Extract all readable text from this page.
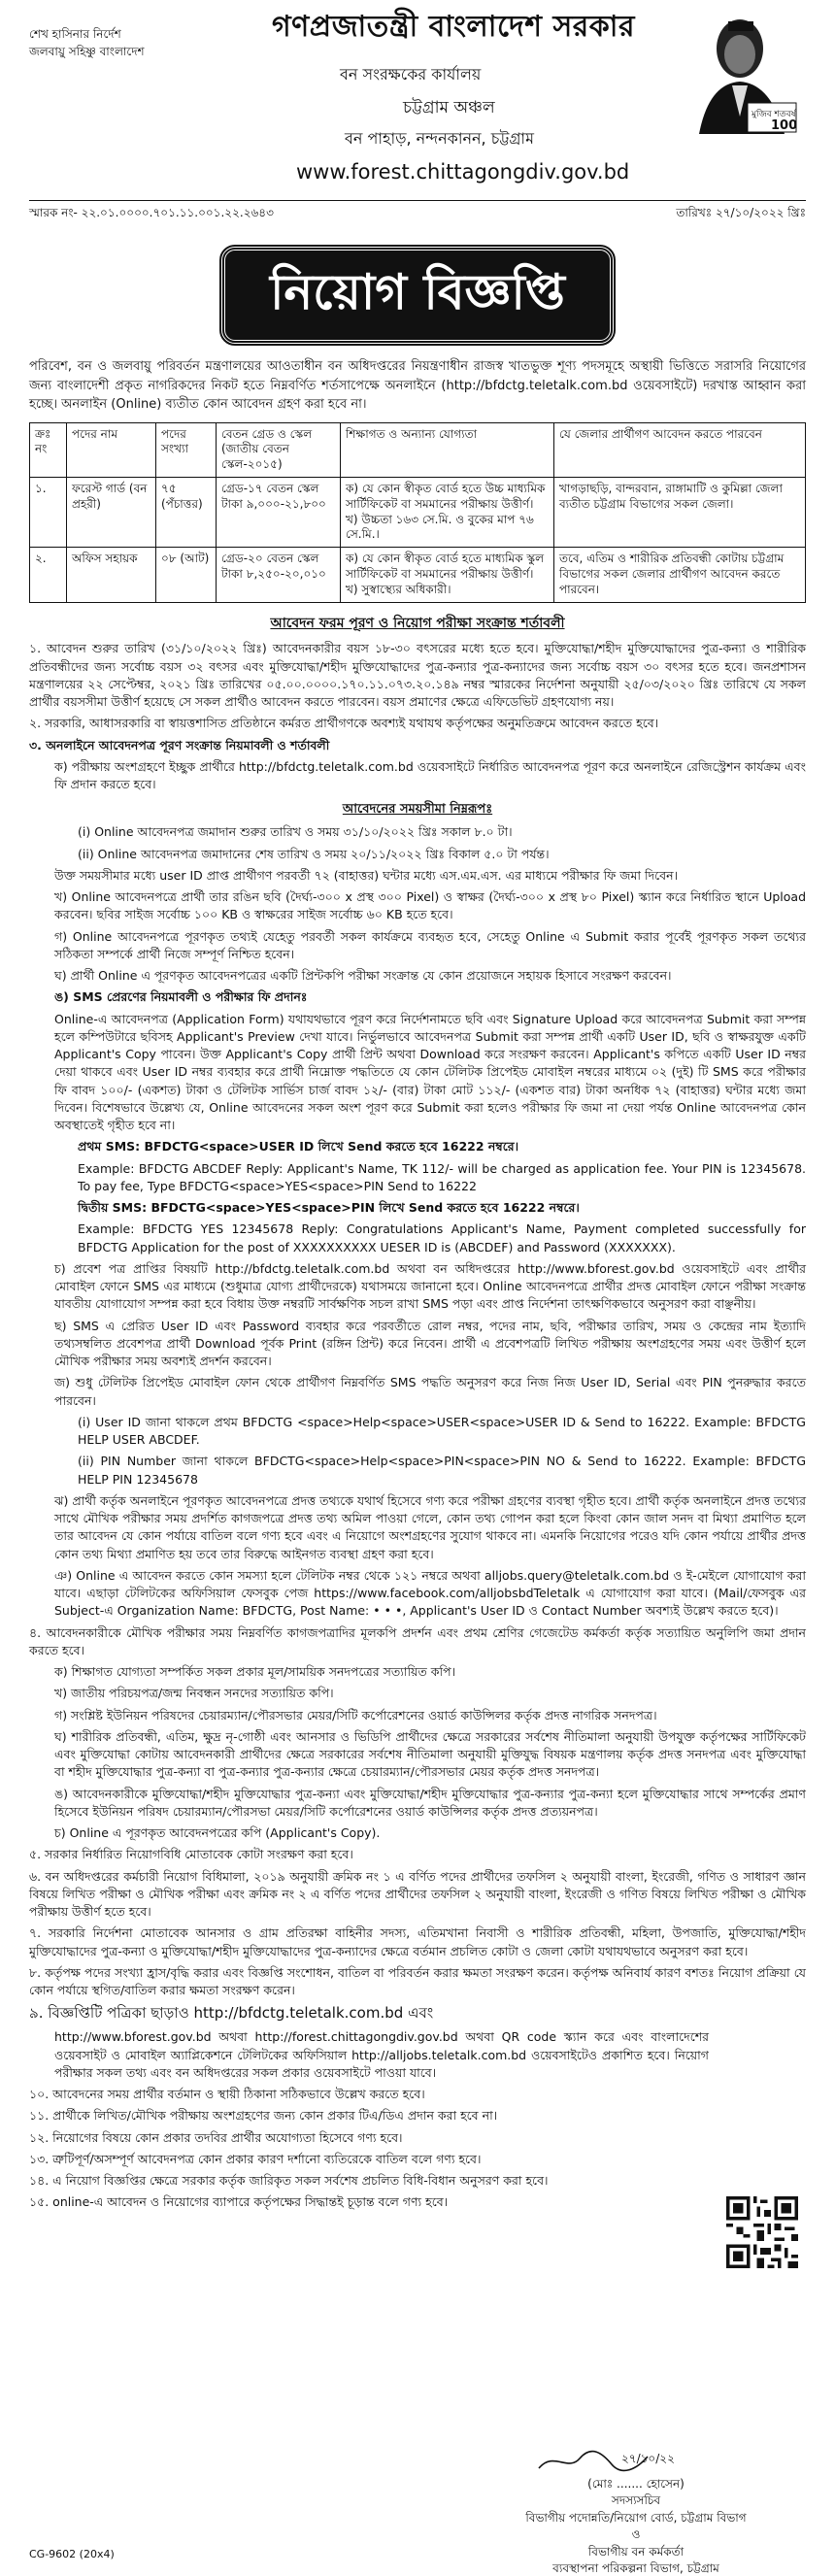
শেখ হাসিনার নির্দেশ
জলবায়ু সহিষ্ণু বাংলাদেশ
গণপ্রজাতন্ত্রী বাংলাদেশ সরকার
বন সংরক্ষকের কার্যালয়
চট্টগ্রাম অঞ্চল
বন পাহাড়, নন্দনকানন, চট্টগ্রাম
www.forest.chittagongdiv.gov.bd
মুজিব শতবর্ষ
100
স্মারক নং- ২২.০১.০০০০.৭০১.১১.০০১.২২.২৬৪৩	তারিখঃ ২৭/১০/২০২২ খ্রিঃ
নিয়োগ বিজ্ঞপ্তি

পরিবেশ, বন ও জলবায়ু পরিবর্তন মন্ত্রণালয়ের আওতাধীন বন অধিদপ্তরের নিয়ন্ত্রণাধীন রাজস্ব খাতভুক্ত শূণ্য পদসমূহে অস্থায়ী ভিত্তিতে সরাসরি নিয়োগের জন্য বাংলাদেশী প্রকৃত নাগরিকদের নিকট হতে নিম্নবর্ণিত শর্তসাপেক্ষে অনলাইনে (http://bfdctg.teletalk.com.bd ওয়েবসাইটে) দরখাস্ত আহ্বান করা হচ্ছে। অনলাইন (Online) ব্যতীত কোন আবেদন গ্রহণ করা হবে না।

ক্রঃ নং	পদের নাম	পদের সংখ্যা	বেতন গ্রেড ও স্কেল (জাতীয় বেতন স্কেল-২০১৫)	শিক্ষাগত ও অন্যান্য যোগ্যতা	যে জেলার প্রার্থীগণ আবেদন করতে পারবেন
১.	ফরেস্ট গার্ড (বন প্রহরী)	৭৫ (পঁচাত্তর)	গ্রেড-১৭ বেতন স্কেল টাকা ৯,০০০-২১,৮০০	ক) যে কোন স্বীকৃত বোর্ড হতে উচ্চ মাধ্যমিক সার্টিফিকেট বা সমমানের পরীক্ষায় উত্তীর্ণ। খ) উচ্চতা ১৬৩ সে.মি. ও বুকের মাপ ৭৬ সে.মি.।	খাগড়াছড়ি, বান্দরবান, রাঙ্গামাটি ও কুমিল্লা জেলা ব্যতীত চট্টগ্রাম বিভাগের সকল জেলা।
২.	অফিস সহায়ক	০৮ (আট)	গ্রেড-২০ বেতন স্কেল টাকা ৮,২৫০-২০,০১০	ক) যে কোন স্বীকৃত বোর্ড হতে মাধ্যমিক স্কুল সার্টিফিকেট বা সমমানের পরীক্ষায় উত্তীর্ণ। খ) সুস্বাস্থ্যের অধিকারী।	তবে, এতিম ও শারীরিক প্রতিবন্ধী কোটায় চট্টগ্রাম বিভাগের সকল জেলার প্রার্থীগণ আবেদন করতে পারবেন।
আবেদন ফরম পূরণ ও নিয়োগ পরীক্ষা সংক্রান্ত শর্তাবলী

১. আবেদন শুরুর তারিখ (৩১/১০/২০২২ খ্রিঃ) আবেদনকারীর বয়স ১৮-৩০ বৎসরের মধ্যে হতে হবে। মুক্তিযোদ্ধা/শহীদ মুক্তিযোদ্ধাদের পুত্র-কন্যা ও শারীরিক প্রতিবন্ধীদের জন্য সর্বোচ্চ বয়স ৩২ বৎসর এবং মুক্তিযোদ্ধা/শহীদ মুক্তিযোদ্ধাদের পুত্র-কন্যার পুত্র-কন্যাদের জন্য সর্বোচ্চ বয়স ৩০ বৎসর হতে হবে। জনপ্রশাসন মন্ত্রণালয়ের ২২ সেপ্টেম্বর, ২০২১ খ্রিঃ তারিখের ০৫.০০.০০০০.১৭০.১১.০৭৩.২০.১৪৯ নম্বর স্মারকের নির্দেশনা অনুযায়ী ২৫/০৩/২০২০ খ্রিঃ তারিখে যে সকল প্রার্থীর বয়সসীমা উত্তীর্ণ হয়েছে সে সকল প্রার্থীও আবেদন করতে পারবেন। বয়স প্রমাণের ক্ষেত্রে এফিডেভিট গ্রহণযোগ্য নয়।

২. সরকারি, আধাসরকারি বা স্বায়ত্তশাসিত প্রতিষ্ঠানে কর্মরত প্রার্থীগণকে অবশ্যই যথাযথ কর্তৃপক্ষের অনুমতিক্রমে আবেদন করতে হবে।

৩. অনলাইনে আবেদনপত্র পূরণ সংক্রান্ত নিয়মাবলী ও শর্তাবলী

ক) পরীক্ষায় অংশগ্রহণে ইচ্ছুক প্রার্থীরে http://bfdctg.teletalk.com.bd ওয়েবসাইটে নির্ধারিত আবেদনপত্র পূরণ করে অনলাইনে রেজিস্ট্রেশন কার্যক্রম এবং ফি প্রদান করতে হবে।

আবেদনের সময়সীমা নিম্নরূপঃ

(i) Online আবেদনপত্র জমাদান শুরুর তারিখ ও সময় ৩১/১০/২০২২ খ্রিঃ সকাল ৮.০ টা।

(ii) Online আবেদনপত্র জমাদানের শেষ তারিখ ও সময় ২০/১১/২০২২ খ্রিঃ বিকাল ৫.০ টা পর্যন্ত।

উক্ত সময়সীমার মধ্যে user ID প্রাপ্ত প্রার্থীগণ পরবর্তী ৭২ (বাহাত্তর) ঘন্টার মধ্যে এস.এম.এস. এর মাধ্যমে পরীক্ষার ফি জমা দিবেন।

খ) Online আবেদনপত্রে প্রার্থী তার রঙিন ছবি (দৈর্ঘ্য-৩০০ x প্রস্থ ৩০০ Pixel) ও স্বাক্ষর (দৈর্ঘ্য-৩০০ x প্রস্থ ৮০ Pixel) স্ক্যান করে নির্ধারিত স্থানে Upload করবেন। ছবির সাইজ সর্বোচ্চ ১০০ KB ও স্বাক্ষরের সাইজ সর্বোচ্চ ৬০ KB হতে হবে।

গ) Online আবেদনপত্রে পূরণকৃত তথ্যই যেহেতু পরবর্তী সকল কার্যক্রমে ব্যবহৃত হবে, সেহেতু Online এ Submit করার পূর্বেই পূরণকৃত সকল তথ্যের সঠিকতা সম্পর্কে প্রার্থী নিজে সম্পূর্ণ নিশ্চিত হবেন।

ঘ) প্রার্থী Online এ পূরণকৃত আবেদনপত্রের একটি প্রিন্টকপি পরীক্ষা সংক্রান্ত যে কোন প্রয়োজনে সহায়ক হিসাবে সংরক্ষণ করবেন।

ঙ) SMS প্রেরণের নিয়মাবলী ও পরীক্ষার ফি প্রদানঃ

Online-এ আবেদনপত্র (Application Form) যথাযথভাবে পূরণ করে নির্দেশনামতে ছবি এবং Signature Upload করে আবেদনপত্র Submit করা সম্পন্ন হলে কম্পিউটারে ছবিসহ Applicant's Preview দেখা যাবে। নির্ভুলভাবে আবেদনপত্র Submit করা সম্পন্ন প্রার্থী একটি User ID, ছবি ও স্বাক্ষরযুক্ত একটি Applicant's Copy পাবেন। উক্ত Applicant's Copy প্রার্থী প্রিন্ট অথবা Download করে সংরক্ষণ করবেন। Applicant's কপিতে একটি User ID নম্বর দেয়া থাকবে এবং User ID নম্বর ব্যবহার করে প্রার্থী নিম্নোক্ত পদ্ধতিতে যে কোন টেলিটক প্রিপেইড মোবাইল নম্বরের মাধ্যমে ০২ (দুই) টি SMS করে পরীক্ষার ফি বাবদ ১০০/- (একশত) টাকা ও টেলিটক সার্ভিস চার্জ বাবদ ১২/- (বার) টাকা মোট ১১২/- (একশত বার) টাকা অনধিক ৭২ (বাহাত্তর) ঘন্টার মধ্যে জমা দিবেন। বিশেষভাবে উল্লেখ্য যে, Online আবেদনের সকল অংশ পূরণ করে Submit করা হলেও পরীক্ষার ফি জমা না দেয়া পর্যন্ত Online আবেদনপত্র কোন অবস্থাতেই গৃহীত হবে না।

প্রথম SMS: BFDCTG<space>USER ID লিখে Send করতে হবে 16222 নম্বরে।

Example: BFDCTG ABCDEF Reply: Applicant's Name, TK 112/- will be charged as application fee. Your PIN is 12345678. To pay fee, Type BFDCTG<space>YES<space>PIN Send to 16222

দ্বিতীয় SMS: BFDCTG<space>YES<space>PIN লিখে Send করতে হবে 16222 নম্বরে।

Example: BFDCTG YES 12345678 Reply: Congratulations Applicant's Name, Payment completed successfully for BFDCTG Application for the post of XXXXXXXXXX UESER ID is (ABCDEF) and Password (XXXXXXX).

চ) প্রবেশ পত্র প্রাপ্তির বিষয়টি http://bfdctg.teletalk.com.bd অথবা বন অধিদপ্তরের http://www.bforest.gov.bd ওয়েবসাইটে এবং প্রার্থীর মোবাইল ফোনে SMS এর মাধ্যমে (শুধুমাত্র যোগ্য প্রার্থীদেরকে) যথাসময়ে জানানো হবে। Online আবেদনপত্রে প্রার্থীর প্রদত্ত মোবাইল ফোনে পরীক্ষা সংক্রান্ত যাবতীয় যোগাযোগ সম্পন্ন করা হবে বিধায় উক্ত নম্বরটি সার্বক্ষণিক সচল রাখা SMS পড়া এবং প্রাপ্ত নির্দেশনা তাৎক্ষণিকভাবে অনুসরণ করা বাঞ্ছনীয়।

ছ) SMS এ প্রেরিত User ID এবং Password ব্যবহার করে পরবর্তীতে রোল নম্বর, পদের নাম, ছবি, পরীক্ষার তারিখ, সময় ও কেন্দ্রের নাম ইত্যাদি তথ্যসম্বলিত প্রবেশপত্র প্রার্থী Download পূর্বক Print (রঙ্গিন প্রিন্ট) করে নিবেন। প্রার্থী এ প্রবেশপত্রটি লিখিত পরীক্ষায় অংশগ্রহণের সময় এবং উত্তীর্ণ হলে মৌখিক পরীক্ষার সময় অবশ্যই প্রদর্শন করবেন।

জ) শুধু টেলিটক প্রিপেইড মোবাইল ফোন থেকে প্রার্থীগণ নিম্নবর্ণিত SMS পদ্ধতি অনুসরণ করে নিজ নিজ User ID, Serial এবং PIN পুনরুদ্ধার করতে পারবেন।

(i) User ID জানা থাকলে প্রথম BFDCTG <space>Help<space>USER<space>USER ID & Send to 16222. Example: BFDCTG HELP USER ABCDEF.

(ii) PIN Number জানা থাকলে BFDCTG<space>Help<space>PIN<space>PIN NO & Send to 16222. Example: BFDCTG HELP PIN 12345678

ঝ) প্রার্থী কর্তৃক অনলাইনে পূরণকৃত আবেদনপত্রে প্রদত্ত তথ্যকে যথার্থ হিসেবে গণ্য করে পরীক্ষা গ্রহণের ব্যবস্থা গৃহীত হবে। প্রার্থী কর্তৃক অনলাইনে প্রদত্ত তথ্যের সাথে মৌখিক পরীক্ষার সময় প্রদর্শিত কাগজপত্রে প্রদত্ত তথ্য অমিল পাওয়া গেলে, কোন তথ্য গোপন করা হলে কিংবা কোন জাল সনদ বা মিথ্যা প্রমাণিত হলে তার আবেদন যে কোন পর্যায়ে বাতিল বলে গণ্য হবে এবং এ নিয়োগে অংশগ্রহণের সুযোগ থাকবে না। এমনকি নিয়োগের পরেও যদি কোন পর্যায়ে প্রার্থীর প্রদত্ত কোন তথ্য মিথ্যা প্রমাণিত হয় তবে তার বিরুদ্ধে আইনগত ব্যবস্থা গ্রহণ করা হবে।

ঞ) Online এ আবেদন করতে কোন সমস্যা হলে টেলিটক নম্বর থেকে ১২১ নম্বরে অথবা alljobs.query@teletalk.com.bd ও ই-মেইলে যোগাযোগ করা যাবে। এছাড়া টেলিটকের অফিসিয়াল ফেসবুক পেজ https://www.facebook.com/alljobsbdTeletalk এ যোগাযোগ করা যাবে। (Mail/ফেসবুক এর Subject-এ Organization Name: BFDCTG, Post Name: • • •, Applicant's User ID ও Contact Number অবশ্যই উল্লেখ করতে হবে)।

৪. আবেদনকারীকে মৌখিক পরীক্ষার সময় নিম্নবর্ণিত কাগজপত্রাদির মূলকপি প্রদর্শন এবং প্রথম শ্রেণির গেজেটেড কর্মকর্তা কর্তৃক সত্যায়িত অনুলিপি জমা প্রদান করতে হবে।

ক) শিক্ষাগত যোগ্যতা সম্পর্কিত সকল প্রকার মূল/সাময়িক সনদপত্রের সত্যায়িত কপি।

খ) জাতীয় পরিচয়পত্র/জন্ম নিবন্ধন সনদের সত্যায়িত কপি।

গ) সংশ্লিষ্ট ইউনিয়ন পরিষদের চেয়ারম্যান/পৌরসভার মেয়র/সিটি কর্পোরেশনের ওয়ার্ড কাউন্সিলর কর্তৃক প্রদত্ত নাগরিক সনদপত্র।

ঘ) শারীরিক প্রতিবন্ধী, এতিম, ক্ষুদ্র নৃ-গোষ্ঠী এবং আনসার ও ভিডিপি প্রার্থীদের ক্ষেত্রে সরকারের সর্বশেষ নীতিমালা অনুযায়ী উপযুক্ত কর্তৃপক্ষের সার্টিফিকেট এবং মুক্তিযোদ্ধা কোটায় আবেদনকারী প্রার্থীদের ক্ষেত্রে সরকারের সর্বশেষ নীতিমালা অনুযায়ী মুক্তিযুদ্ধ বিষয়ক মন্ত্রণালয় কর্তৃক প্রদত্ত সনদপত্র এবং মুক্তিযোদ্ধা বা শহীদ মুক্তিযোদ্ধার পুত্র-কন্যা বা পুত্র-কন্যার পুত্র-কন্যার ক্ষেত্রে চেয়ারম্যান/পৌরসভার মেয়র কর্তৃক প্রদত্ত সনদপত্র।

ঙ) আবেদনকারীকে মুক্তিযোদ্ধা/শহীদ মুক্তিযোদ্ধার পুত্র-কন্যা এবং মুক্তিযোদ্ধা/শহীদ মুক্তিযোদ্ধার পুত্র-কন্যার পুত্র-কন্যা হলে মুক্তিযোদ্ধার সাথে সম্পর্কের প্রমাণ হিসেবে ইউনিয়ন পরিষদ চেয়ারম্যান/পৌরসভা মেয়র/সিটি কর্পোরেশনের ওয়ার্ড কাউন্সিলর কর্তৃক প্রদত্ত প্রত্যয়নপত্র।

চ) Online এ পূরণকৃত আবেদনপত্রের কপি (Applicant's Copy).

৫. সরকার নির্ধারিত নিয়োগবিধি মোতাবেক কোটা সংরক্ষণ করা হবে।

৬. বন অধিদপ্তরের কর্মচারী নিয়োগ বিধিমালা, ২০১৯ অনুযায়ী ক্রমিক নং ১ এ বর্ণিত পদের প্রার্থীদের তফসিল ২ অনুযায়ী বাংলা, ইংরেজী, গণিত ও সাধারণ জ্ঞান বিষয়ে লিখিত পরীক্ষা ও মৌখিক পরীক্ষা এবং ক্রমিক নং ২ এ বর্ণিত পদের প্রার্থীদের তফসিল ২ অনুযায়ী বাংলা, ইংরেজী ও গণিত বিষয়ে লিখিত পরীক্ষা ও মৌখিক পরীক্ষায় উত্তীর্ণ হতে হবে।

৭. সরকারি নির্দেশনা মোতাবেক আনসার ও গ্রাম প্রতিরক্ষা বাহিনীর সদস্য, এতিমখানা নিবাসী ও শারীরিক প্রতিবন্ধী, মহিলা, উপজাতি, মুক্তিযোদ্ধা/শহীদ মুক্তিযোদ্ধাদের পুত্র-কন্যা ও মুক্তিযোদ্ধা/শহীদ মুক্তিযোদ্ধাদের পুত্র-কন্যাদের ক্ষেত্রে বর্তমান প্রচলিত কোটা ও জেলা কোটা যথাযথভাবে অনুসরণ করা হবে।

৮. কর্তৃপক্ষ পদের সংখ্যা হ্রাস/বৃদ্ধি করার এবং বিজ্ঞপ্তি সংশোধন, বাতিল বা পরিবর্তন করার ক্ষমতা সংরক্ষণ করেন। কর্তৃপক্ষ অনিবার্য কারণ বশতঃ নিয়োগ প্রক্রিয়া যে কোন পর্যায়ে স্থগিত/বাতিল করার ক্ষমতা সংরক্ষণ করেন।

৯. বিজ্ঞপ্তিটি পত্রিকা ছাড়াও http://bfdctg.teletalk.com.bd এবং

http://www.bforest.gov.bd অথবা http://forest.chittagongdiv.gov.bd অথবা QR code স্ক্যান করে এবং বাংলাদেশের ওয়েবসাইট ও মোবাইল অ্যাপ্লিকেশনে টেলিটকের অফিসিয়াল http://alljobs.teletalk.com.bd ওয়েবসাইটেও প্রকাশিত হবে। নিয়োগ পরীক্ষার সকল তথ্য এবং বন অধিদপ্তরের সকল প্রকার ওয়েবসাইটে পাওয়া যাবে।

১০. আবেদনের সময় প্রার্থীর বর্তমান ও স্থায়ী ঠিকানা সঠিকভাবে উল্লেখ করতে হবে।

১১. প্রার্থীকে লিখিত/মৌখিক পরীক্ষায় অংশগ্রহণের জন্য কোন প্রকার টিএ/ডিএ প্রদান করা হবে না।

১২. নিয়োগের বিষয়ে কোন প্রকার তদবির প্রার্থীর অযোগ্যতা হিসেবে গণ্য হবে।

১৩. ত্রুটিপূর্ণ/অসম্পূর্ণ আবেদনপত্র কোন প্রকার কারণ দর্শানো ব্যতিরেকে বাতিল বলে গণ্য হবে।

১৪. এ নিয়োগ বিজ্ঞপ্তির ক্ষেত্রে সরকার কর্তৃক জারিকৃত সকল সর্বশেষ প্রচলিত বিধি-বিধান অনুসরণ করা হবে।

১৫. online-এ আবেদন ও নিয়োগের ব্যাপারে কর্তৃপক্ষের সিদ্ধান্তই চূড়ান্ত বলে গণ্য হবে।

২৭/১০/২২
(মোঃ ....... হোসেন)
সদস্যসচিব
বিভাগীয় পদোন্নতি/নিয়োগ বোর্ড, চট্টগ্রাম বিভাগ
ও
বিভাগীয় বন কর্মকর্তা
ব্যবস্থাপনা পরিকল্পনা বিভাগ, চট্টগ্রাম
CG-9602 (20x4)
